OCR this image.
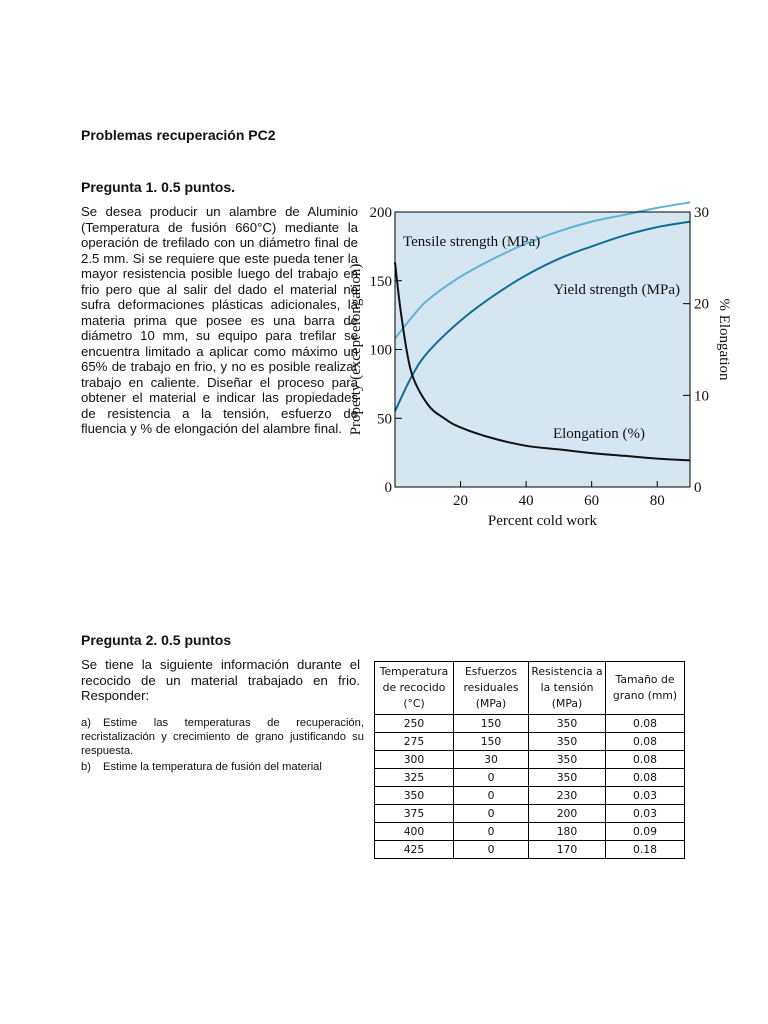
Problemas recuperación PC2
Pregunta 1. 0.5 puntos.
Se desea producir un alambre de Aluminio (Temperatura de fusión 660°C) mediante la operación de trefilado con un diámetro final de 2.5 mm. Si se requiere que este pueda tener la mayor resistencia posible luego del trabajo en frio pero que al salir del dado el material no sufra deformaciones plásticas adicionales, la materia prima que posee es una barra de diámetro 10 mm, su equipo para trefilar se encuentra limitado a aplicar como máximo un 65% de trabajo en frio, y no es posible realizar trabajo en caliente. Diseñar el proceso para obtener el material e indicar las propiedades de resistencia a la tensión, esfuerzo de fluencia y % de elongación del alambre final.
Tensile strength (MPa)
Yield strength (MPa)
Elongation (%)
20	40	60	80
0
50
100
150
200
0
10
20
30
Percent cold work
Property (except elongation)	% Elongation
Pregunta 2. 0.5 puntos
Se tiene la siguiente información durante el recocido de un material trabajado en frio. Responder:
a) Estime las temperaturas de recuperación, recristalización y crecimiento de grano justificando su respuesta.
b) Estime la temperatura de fusión del material
Temperatura de recocido (°C)	Esfuerzos residuales (MPa)	Resistencia a la tensión (MPa)	Tamaño de grano (mm)
250	150	350	0.08
275	150	350	0.08
300	30	350	0.08
325	0	350	0.08
350	0	230	0.03
375	0	200	0.03
400	0	180	0.09
425	0	170	0.18
